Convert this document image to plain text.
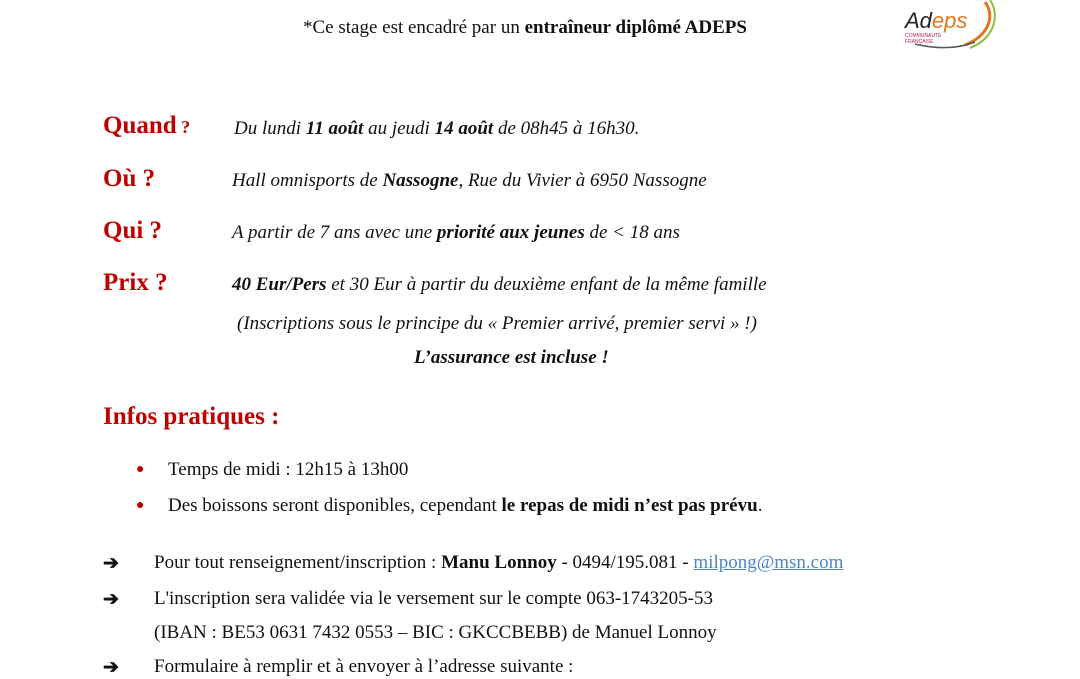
*Ce stage est encadré par un entraîneur diplômé ADEPS	Adeps
COMMUNAUTÉ
FRANÇAISE
Quand ? Du lundi 11 août au jeudi 14 août de 08h45 à 16h30.
Où ?	Hall omnisports de Nassogne, Rue du Vivier à 6950 Nassogne
Qui ?	A partir de 7 ans avec une priorité aux jeunes de < 18 ans
Prix ?	40 Eur/Pers et 30 Eur à partir du deuxième enfant de la même famille
(Inscriptions sous le principe du « Premier arrivé, premier servi » !)
L’assurance est incluse !
Infos pratiques :
● Temps de midi : 12h15 à 13h00
● Des boissons seront disponibles, cependant le repas de midi n’est pas prévu.
➔ Pour tout renseignement/inscription : Manu Lonnoy - 0494/195.081 - milpong@msn.com
➔ L'inscription sera validée via le versement sur le compte 063-1743205-53
(IBAN : BE53 0631 7432 0553 – BIC : GKCCBEBB) de Manuel Lonnoy
➔ Formulaire à remplir et à envoyer à l’adresse suivante :
